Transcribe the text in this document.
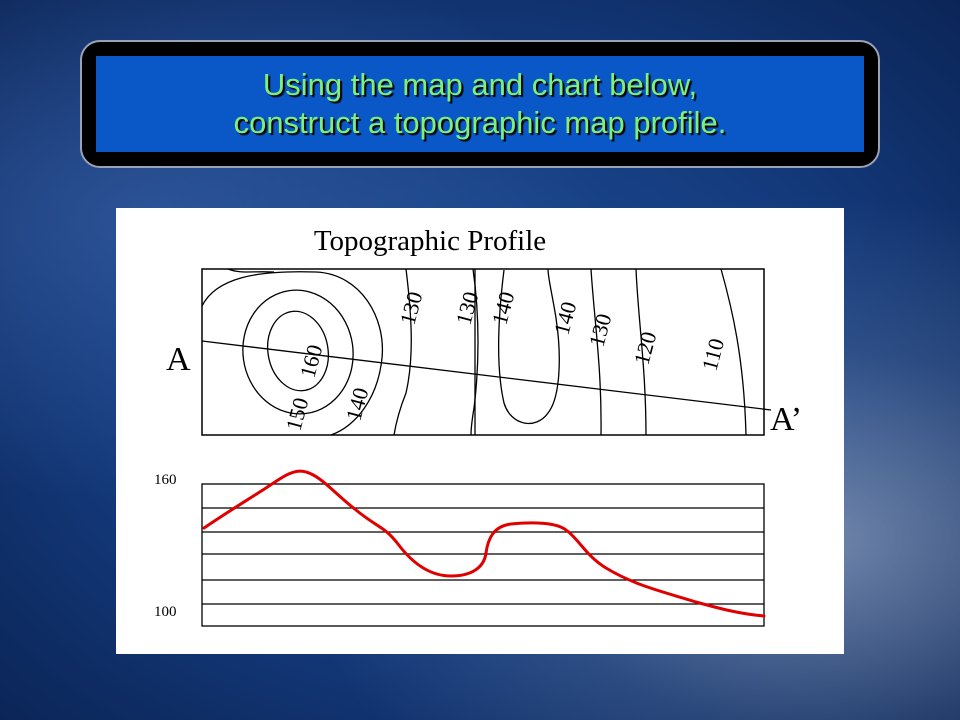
Using the map and chart below,
construct a topographic map profile.
Topographic Profile
A
A’
160
150 140
130 130 140 140 130 120 110
160
100
